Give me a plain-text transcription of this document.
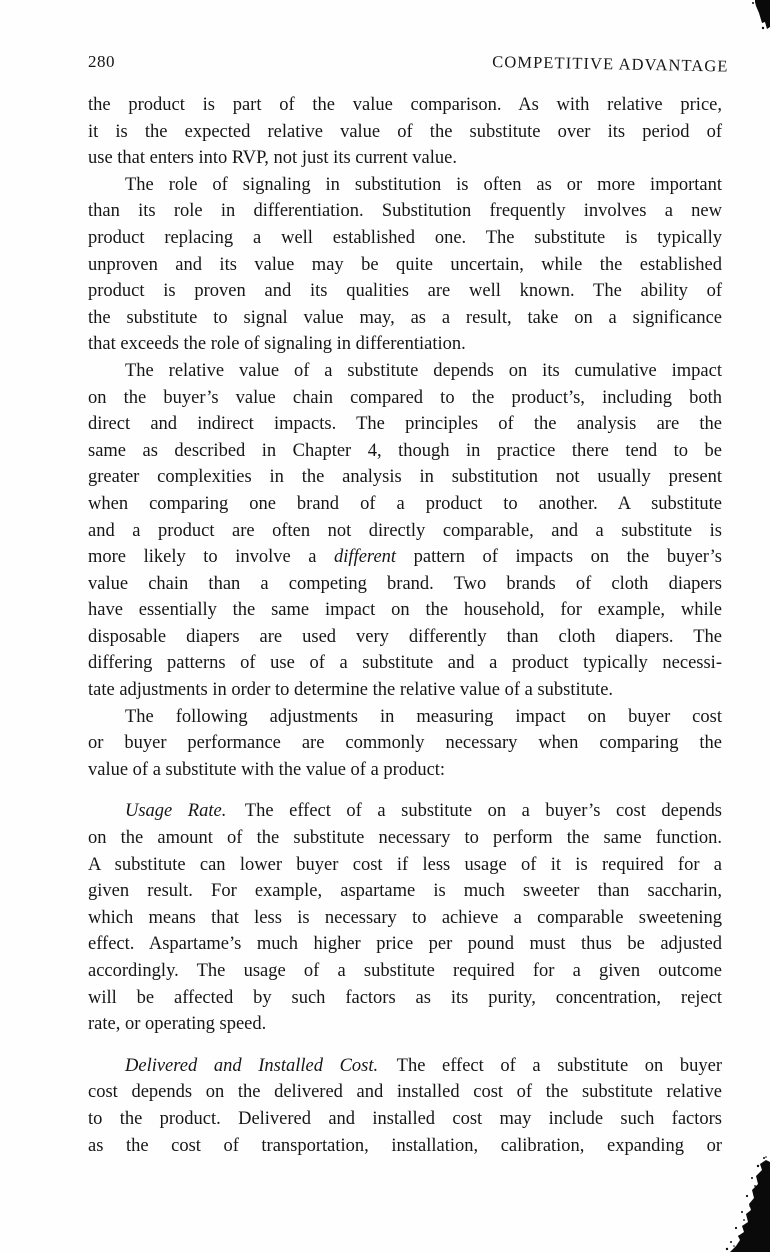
280	COMPETITIVE ADVANTAGE
the product is part of the value comparison. As with relative price,
it is the expected relative value of the substitute over its period of
use that enters into RVP, not just its current value.
The role of signaling in substitution is often as or more important
than its role in differentiation. Substitution frequently involves a new
product replacing a well established one. The substitute is typically
unproven and its value may be quite uncertain, while the established
product is proven and its qualities are well known. The ability of
the substitute to signal value may, as a result, take on a significance
that exceeds the role of signaling in differentiation.
The relative value of a substitute depends on its cumulative impact
on the buyer’s value chain compared to the product’s, including both
direct and indirect impacts. The principles of the analysis are the
same as described in Chapter 4, though in practice there tend to be
greater complexities in the analysis in substitution not usually present
when comparing one brand of a product to another. A substitute
and a product are often not directly comparable, and a substitute is
more likely to involve a different pattern of impacts on the buyer’s
value chain than a competing brand. Two brands of cloth diapers
have essentially the same impact on the household, for example, while
disposable diapers are used very differently than cloth diapers. The
differing patterns of use of a substitute and a product typically necessi-
tate adjustments in order to determine the relative value of a substitute.
The following adjustments in measuring impact on buyer cost
or buyer performance are commonly necessary when comparing the
value of a substitute with the value of a product:
Usage Rate. The effect of a substitute on a buyer’s cost depends
on the amount of the substitute necessary to perform the same function.
A substitute can lower buyer cost if less usage of it is required for a
given result. For example, aspartame is much sweeter than saccharin,
which means that less is necessary to achieve a comparable sweetening
effect. Aspartame’s much higher price per pound must thus be adjusted
accordingly. The usage of a substitute required for a given outcome
will be affected by such factors as its purity, concentration, reject
rate, or operating speed.
Delivered and Installed Cost. The effect of a substitute on buyer
cost depends on the delivered and installed cost of the substitute relative
to the product. Delivered and installed cost may include such factors
as the cost of transportation, installation, calibration, expanding or
